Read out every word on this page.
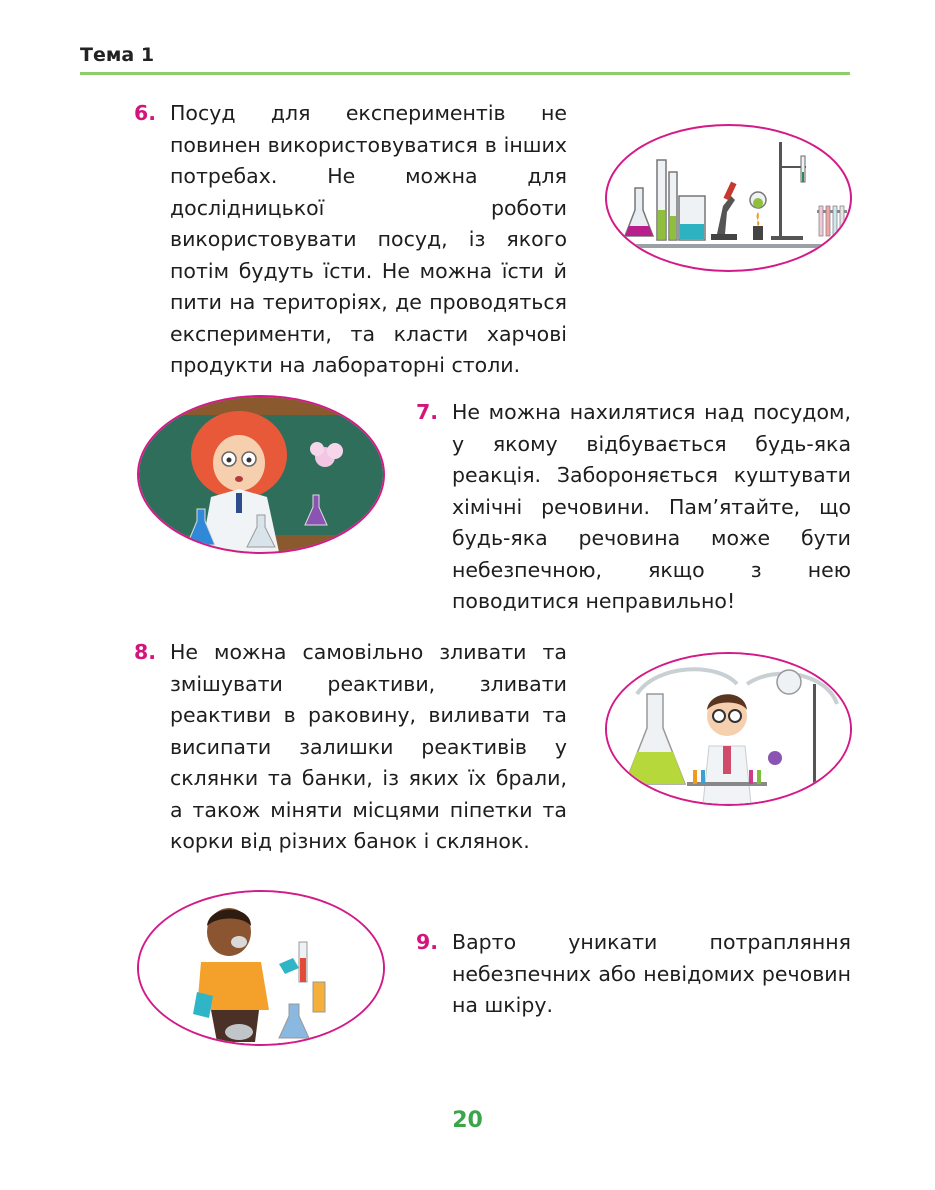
Тема 1
6. Посуд для експериментів не повинен використовуватися в інших потребах. Не можна для дослідницької роботи використовувати посуд, із якого потім будуть їсти. Не можна їсти й пити на територіях, де проводяться експерименти, та класти харчові продукти на лабораторні столи.

7. Не можна нахилятися над посудом, у якому відбувається будь-яка реакція. Забороняється куштувати хімічні речовини. Пам’ятайте, що будь-яка речовина може бути небезпечною, якщо з нею поводитися неправильно!

8. Не можна самовільно зливати та змішувати реактиви, зливати реактиви в раковину, виливати та висипати залишки реактивів у склянки та банки, із яких їх брали, а також міняти місцями піпетки та корки від різних банок і склянок.

9. Варто уникати потрапляння небезпечних або невідомих речовин на шкіру.

20
